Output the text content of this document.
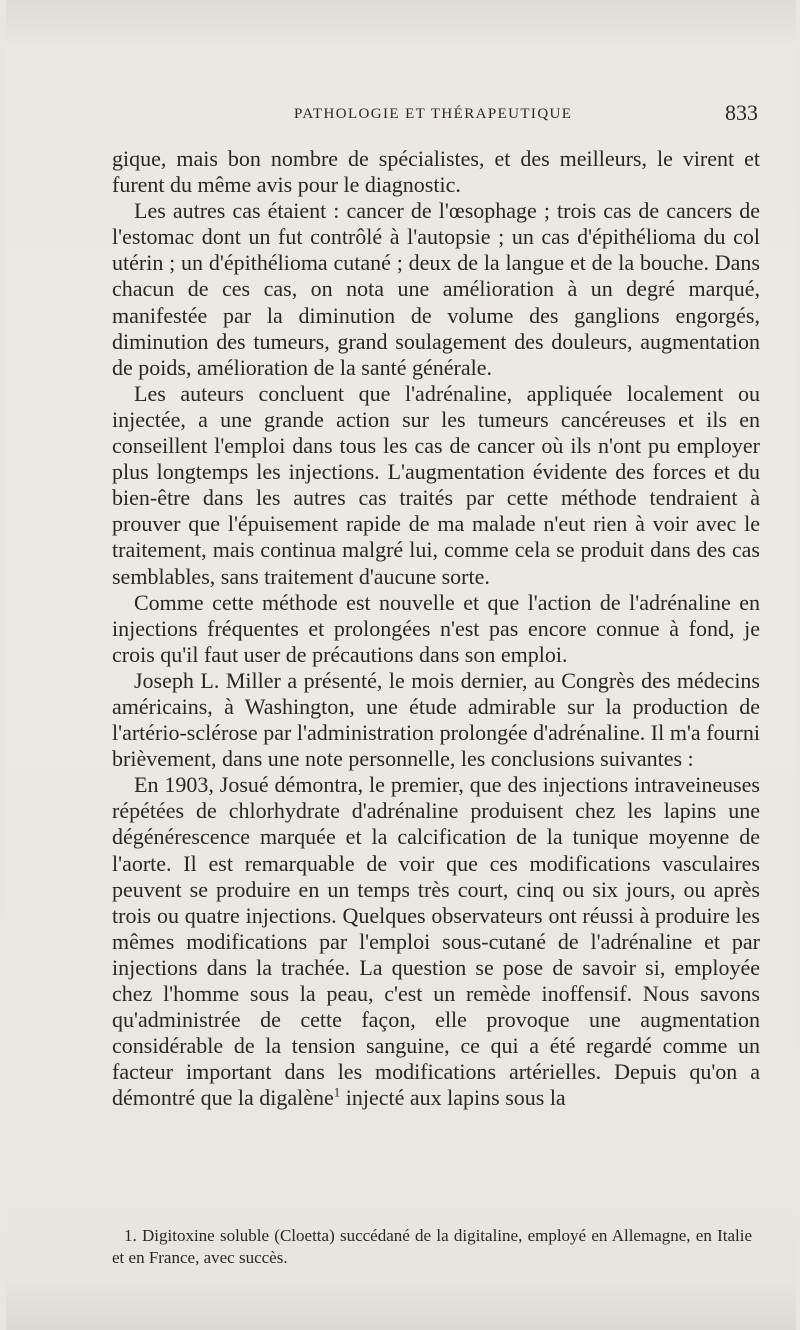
PATHOLOGIE ET THÉRAPEUTIQUE	833

gique, mais bon nombre de spécialistes, et des meilleurs, le virent et furent du même avis pour le diagnostic.

Les autres cas étaient : cancer de l'œsophage ; trois cas de cancers de l'estomac dont un fut contrôlé à l'autopsie ; un cas d'épithélioma du col utérin ; un d'épithélioma cutané ; deux de la langue et de la bouche. Dans chacun de ces cas, on nota une amélioration à un degré marqué, manifestée par la diminution de volume des ganglions engorgés, diminution des tumeurs, grand soulagement des douleurs, augmentation de poids, amélioration de la santé générale.

Les auteurs concluent que l'adrénaline, appliquée localement ou injectée, a une grande action sur les tumeurs cancéreuses et ils en conseillent l'emploi dans tous les cas de cancer où ils n'ont pu employer plus longtemps les injections. L'augmentation évidente des forces et du bien-être dans les autres cas traités par cette méthode tendraient à prouver que l'épuisement rapide de ma malade n'eut rien à voir avec le traitement, mais continua malgré lui, comme cela se produit dans des cas semblables, sans traitement d'aucune sorte.

Comme cette méthode est nouvelle et que l'action de l'adrénaline en injections fréquentes et prolongées n'est pas encore connue à fond, je crois qu'il faut user de précautions dans son emploi.

Joseph L. Miller a présenté, le mois dernier, au Congrès des médecins américains, à Washington, une étude admirable sur la production de l'artério-sclérose par l'administration prolongée d'adrénaline. Il m'a fourni brièvement, dans une note personnelle, les conclusions suivantes :

En 1903, Josué démontra, le premier, que des injections intraveineuses répétées de chlorhydrate d'adrénaline produisent chez les lapins une dégénérescence marquée et la calcification de la tunique moyenne de l'aorte. Il est remarquable de voir que ces modifications vasculaires peuvent se produire en un temps très court, cinq ou six jours, ou après trois ou quatre injections. Quelques observateurs ont réussi à produire les mêmes modifications par l'emploi sous-cutané de l'adrénaline et par injections dans la trachée. La question se pose de savoir si, employée chez l'homme sous la peau, c'est un remède inoffensif. Nous savons qu'administrée de cette façon, elle provoque une augmentation considérable de la tension sanguine, ce qui a été regardé comme un facteur important dans les modifications artérielles. Depuis qu'on a démontré que la digalène$^1$ injecté aux lapins sous la

1. Digitoxine soluble (Cloetta) succédané de la digitaline, employé en Allemagne, en Italie et en France, avec succès.
